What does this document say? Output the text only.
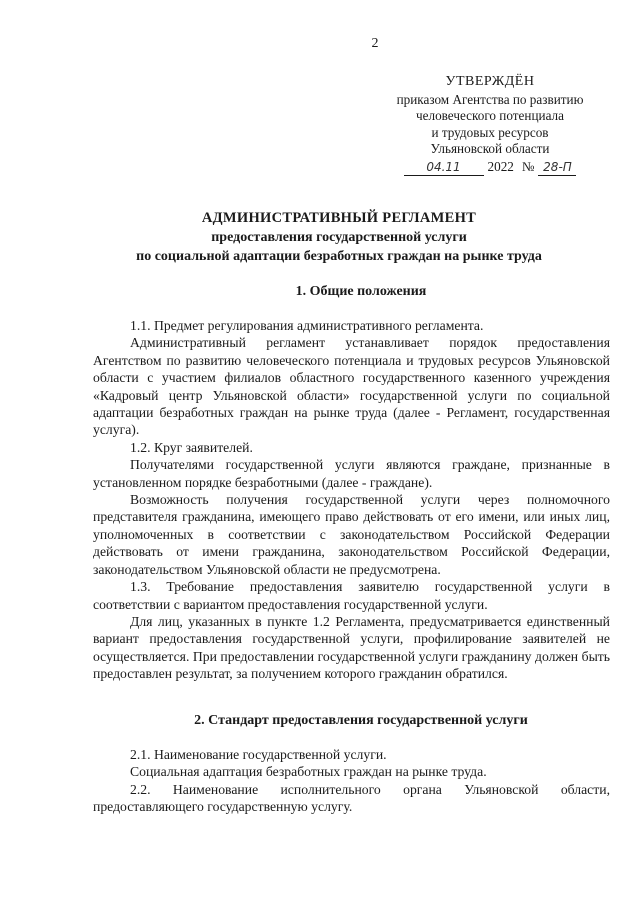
2
УТВЕРЖДЁН
приказом Агентства по развитию
человеческого потенциала
и трудовых ресурсов
Ульяновской области
04.11	2022 № 28-П
АДМИНИСТРАТИВНЫЙ РЕГЛАМЕНТ
предоставления государственной услуги
по социальной адаптации безработных граждан на рынке труда
1. Общие положения

1.1. Предмет регулирования административного регламента.

Административный регламент устанавливает порядок предоставления Агентством по развитию человеческого потенциала и трудовых ресурсов Ульяновской области с участием филиалов областного государственного казенного учреждения «Кадровый центр Ульяновской области» государственной услуги по социальной адаптации безработных граждан на рынке труда (далее - Регламент, государственная услуга).

1.2. Круг заявителей.

Получателями государственной услуги являются граждане, признанные в установленном порядке безработными (далее - граждане).

Возможность получения государственной услуги через полномочного представителя гражданина, имеющего право действовать от его имени, или иных лиц, уполномоченных в соответствии с законодательством Российской Федерации действовать от имени гражданина, законодательством Российской Федерации, законодательством Ульяновской области не предусмотрена.

1.3. Требование предоставления заявителю государственной услуги в соответствии с вариантом предоставления государственной услуги.

Для лиц, указанных в пункте 1.2 Регламента, предусматривается единственный вариант предоставления государственной услуги, профилирование заявителей не осуществляется. При предоставлении государственной услуги гражданину должен быть предоставлен результат, за получением которого гражданин обратился.

2. Стандарт предоставления государственной услуги

2.1. Наименование государственной услуги.

Социальная адаптация безработных граждан на рынке труда.

2.2. Наименование исполнительного органа Ульяновской области, предоставляющего государственную услугу.
